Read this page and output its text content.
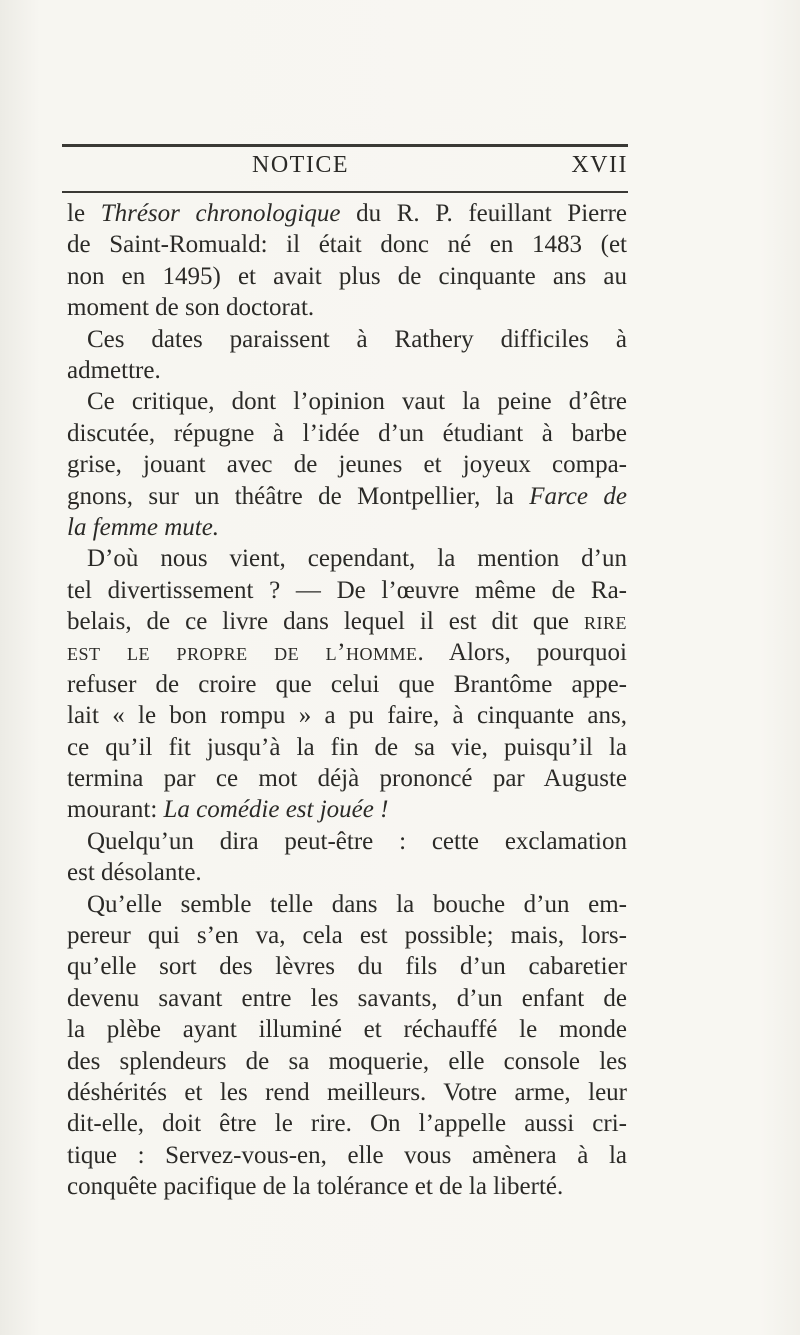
NOTICE	XVII
le Thrésor chronologique du R. P. feuillant Pierre
de Saint-Romuald: il était donc né en 1483 (et
non en 1495) et avait plus de cinquante ans au
moment de son doctorat.
Ces dates paraissent à Rathery difficiles à
admettre.
Ce critique, dont l’opinion vaut la peine d’être
discutée, répugne à l’idée d’un étudiant à barbe
grise, jouant avec de jeunes et joyeux compa-
gnons, sur un théâtre de Montpellier, la Farce de
la femme mute.
D’où nous vient, cependant, la mention d’un
tel divertissement ? — De l’œuvre même de Ra-
belais, de ce livre dans lequel il est dit que rire
est le propre de l’homme. Alors, pourquoi
refuser de croire que celui que Brantôme appe-
lait « le bon rompu » a pu faire, à cinquante ans,
ce qu’il fit jusqu’à la fin de sa vie, puisqu’il la
termina par ce mot déjà prononcé par Auguste
mourant: La comédie est jouée !
Quelqu’un dira peut-être : cette exclamation
est désolante.
Qu’elle semble telle dans la bouche d’un em-
pereur qui s’en va, cela est possible; mais, lors-
qu’elle sort des lèvres du fils d’un cabaretier
devenu savant entre les savants, d’un enfant de
la plèbe ayant illuminé et réchauffé le monde
des splendeurs de sa moquerie, elle console les
déshérités et les rend meilleurs. Votre arme, leur
dit-elle, doit être le rire. On l’appelle aussi cri-
tique : Servez-vous-en, elle vous amènera à la
conquête pacifique de la tolérance et de la liberté.
